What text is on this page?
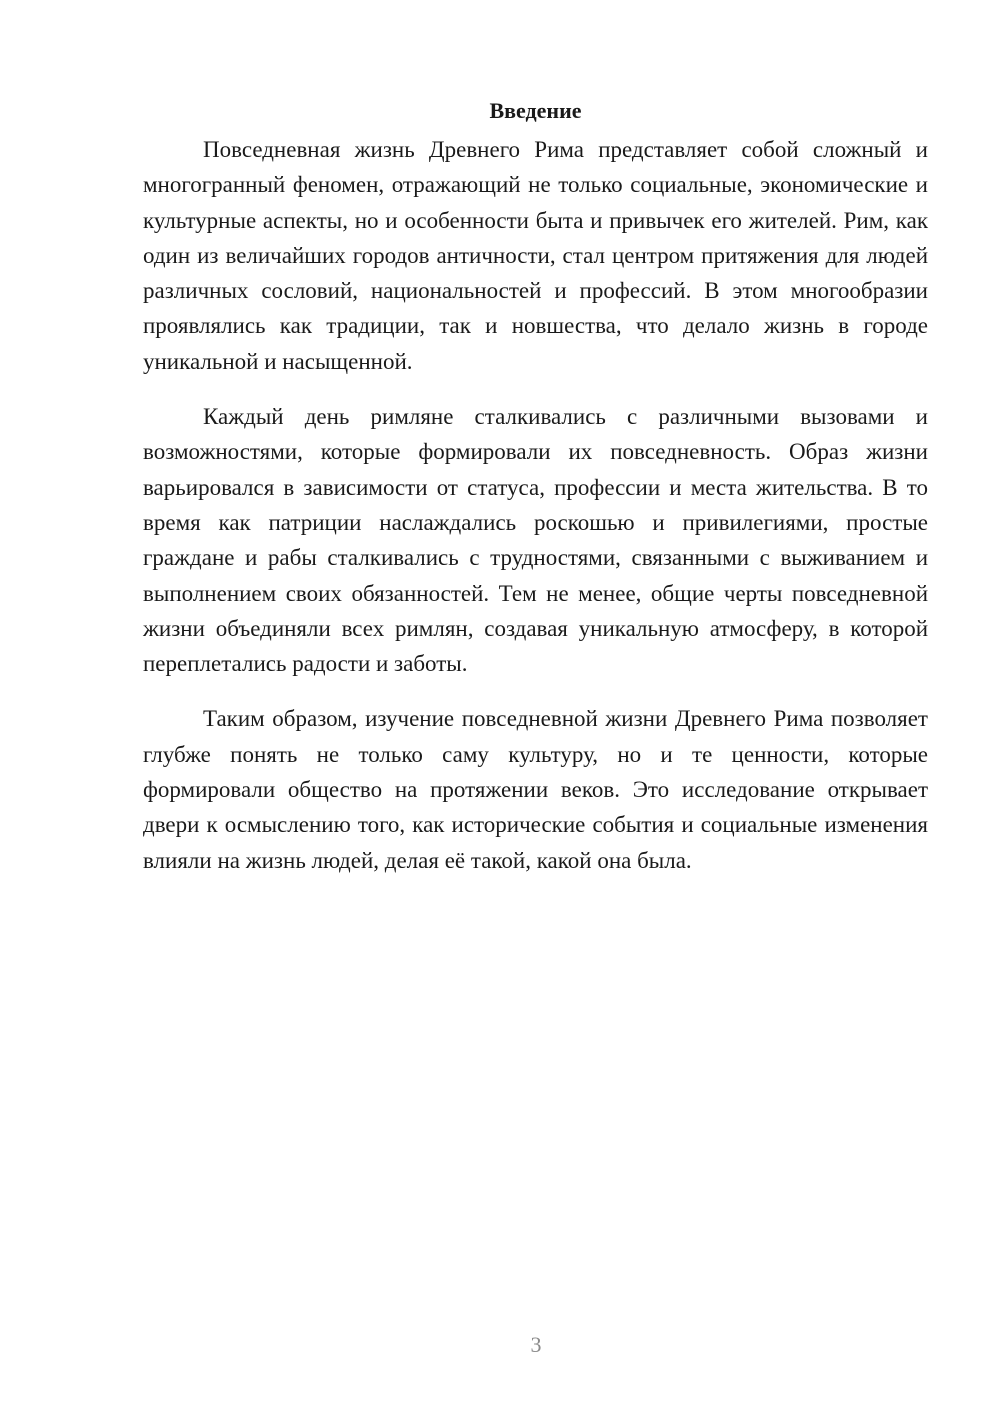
Введение

Повседневная жизнь Древнего Рима представляет собой сложный и многогранный феномен, отражающий не только социальные, экономические и культурные аспекты, но и особенности быта и привычек его жителей. Рим, как один из величайших городов античности, стал центром притяжения для людей различных сословий, национальностей и профессий. В этом многообразии проявлялись как традиции, так и новшества, что делало жизнь в городе уникальной и насыщенной.

Каждый день римляне сталкивались с различными вызовами и возможностями, которые формировали их повседневность. Образ жизни варьировался в зависимости от статуса, профессии и места жительства. В то время как патриции наслаждались роскошью и привилегиями, простые граждане и рабы сталкивались с трудностями, связанными с выживанием и выполнением своих обязанностей. Тем не менее, общие черты повседневной жизни объединяли всех римлян, создавая уникальную атмосферу, в которой переплетались радости и заботы.

Таким образом, изучение повседневной жизни Древнего Рима позволяет глубже понять не только саму культуру, но и те ценности, которые формировали общество на протяжении веков. Это исследование открывает двери к осмыслению того, как исторические события и социальные изменения влияли на жизнь людей, делая её такой, какой она была.

3
